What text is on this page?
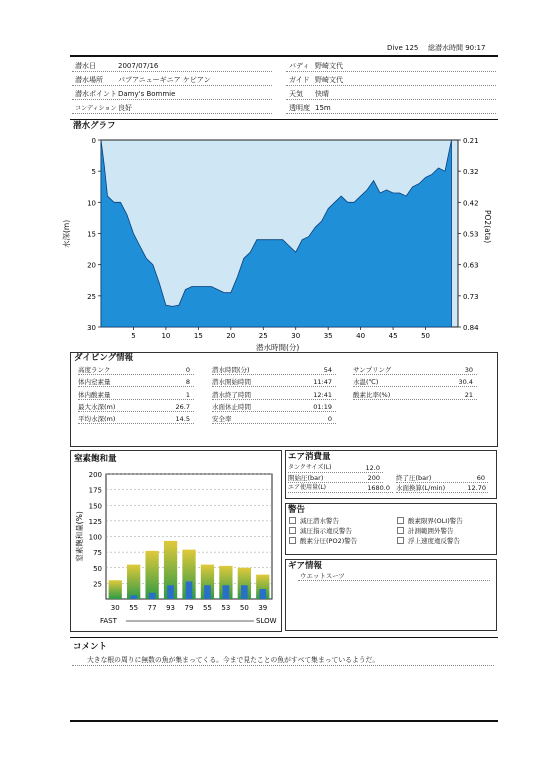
Dive 125 総潜水時間 90:17
潜水日	2007/07/16
潜水場所 パプアニューギニア ケビアン
潜水ポイント Damy's Bommie
コンディション 良好
バディ 野崎文代
ガイド 野崎文代
天気 快晴
透明度 15m
潜水グラフ
0
5
10
15
20
25
30
0.21
0.32
0.42
0.53
0.63
0.73
0.84
5	10	15	20	25	30	35	40	45	50
潜水時間(分)
水深(m)	PO2(ata)
ダイビング情報
高度ランク	0
体内窒素量	8
体内酸素量	1
最大水深(m)	26.7
平均水深(m)	14.5
潜水時間(分)	54
潜水開始時間	11:47
潜水終了時間	12:41
水面休止時間	01:19
安全率	0
サンプリング	30
水温(℃)	30.4
酸素比率(%)	21
窒素飽和量
200
175
150
125
100
75
50
25
30 55 77 93 79 55 53 50 39
FAST	SLOW
窒素飽和量(%)
エア消費量
タンクサイズ(L)	12.0
開始圧(bar)	200
エア使用量(L)	1680.0
終了圧(bar)	60
水面換算(L/min)	12.70
警告
減圧潜水警告	酸素限界(OLI)警告
減圧指示違反警告	計測範囲外警告
酸素分圧(PO2)警告	浮上速度違反警告
ギア情報
ウエットスーツ
コメント
大きな根の周りに無数の魚が集まってくる。今まで見たことの魚がすべて集まっているようだ。
